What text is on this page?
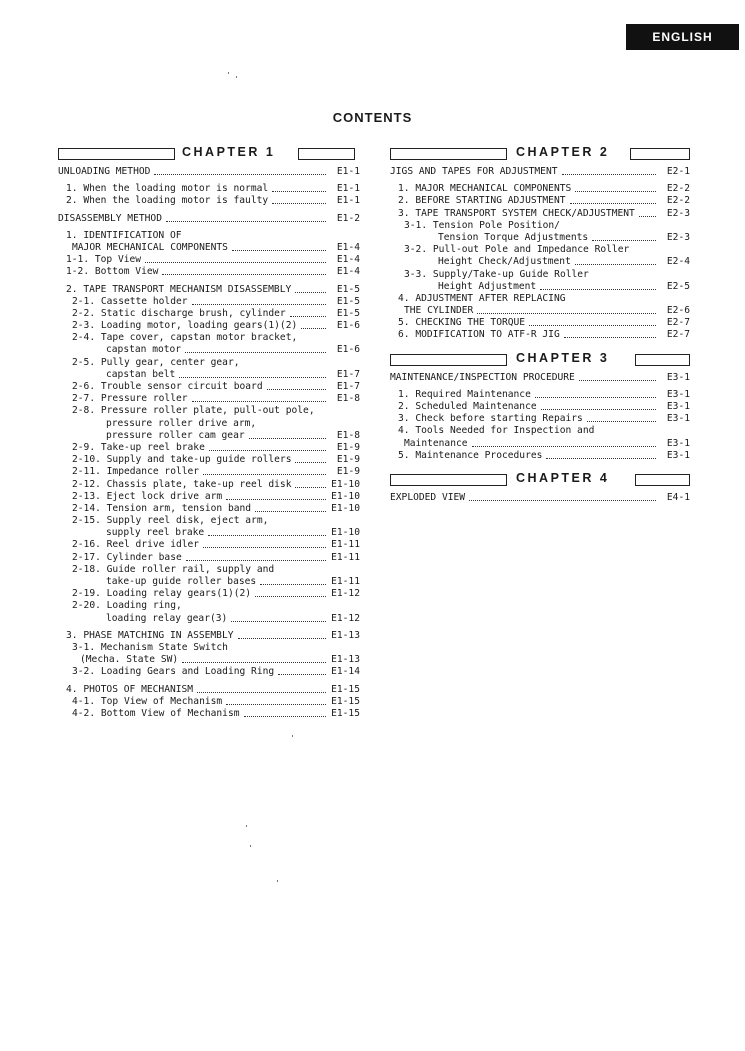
ENGLISH
CONTENTS
CHAPTER 1
UNLOADING METHOD	E1-1
1. When the loading motor is normal	E1-1
2. When the loading motor is faulty	E1-1
DISASSEMBLY METHOD	E1-2
1. IDENTIFICATION OF
MAJOR MECHANICAL COMPONENTS	E1-4
1-1. Top View	E1-4
1-2. Bottom View	E1-4
2. TAPE TRANSPORT MECHANISM DISASSEMBLY	E1-5
2-1. Cassette holder	E1-5
2-2. Static discharge brush, cylinder	E1-5
2-3. Loading motor, loading gears(1)(2)	E1-6
2-4. Tape cover, capstan motor bracket,
capstan motor	E1-6
2-5. Pully gear, center gear,
capstan belt	E1-7
2-6. Trouble sensor circuit board	E1-7
2-7. Pressure roller	E1-8
2-8. Pressure roller plate, pull-out pole,
pressure roller drive arm,
pressure roller cam gear	E1-8
2-9. Take-up reel brake	E1-9
2-10. Supply and take-up guide rollers	E1-9
2-11. Impedance roller	E1-9
2-12. Chassis plate, take-up reel disk	E1-10
2-13. Eject lock drive arm	E1-10
2-14. Tension arm, tension band	E1-10
2-15. Supply reel disk, eject arm,
supply reel brake	E1-10
2-16. Reel drive idler	E1-11
2-17. Cylinder base	E1-11
2-18. Guide roller rail, supply and
take-up guide roller bases	E1-11
2-19. Loading relay gears(1)(2)	E1-12
2-20. Loading ring,
loading relay gear(3)	E1-12
3. PHASE MATCHING IN ASSEMBLY	E1-13
3-1. Mechanism State Switch
(Mecha. State SW)	E1-13
3-2. Loading Gears and Loading Ring	E1-14
4. PHOTOS OF MECHANISM	E1-15
4-1. Top View of Mechanism	E1-15
4-2. Bottom View of Mechanism	E1-15
CHAPTER 2
JIGS AND TAPES FOR ADJUSTMENT	E2-1
1. MAJOR MECHANICAL COMPONENTS	E2-2
2. BEFORE STARTING ADJUSTMENT	E2-2
3. TAPE TRANSPORT SYSTEM CHECK/ADJUSTMENT	E2-3
3-1. Tension Pole Position/
Tension Torque Adjustments	E2-3
3-2. Pull-out Pole and Impedance Roller
Height Check/Adjustment	E2-4
3-3. Supply/Take-up Guide Roller
Height Adjustment	E2-5
4. ADJUSTMENT AFTER REPLACING
THE CYLINDER	E2-6
5. CHECKING THE TORQUE	E2-7
6. MODIFICATION TO ATF-R JIG	E2-7
CHAPTER 3
MAINTENANCE/INSPECTION PROCEDURE	E3-1
1. Required Maintenance	E3-1
2. Scheduled Maintenance	E3-1
3. Check before starting Repairs	E3-1
4. Tools Needed for Inspection and
Maintenance	E3-1
5. Maintenance Procedures	E3-1
CHAPTER 4
EXPLODED VIEW	E4-1
